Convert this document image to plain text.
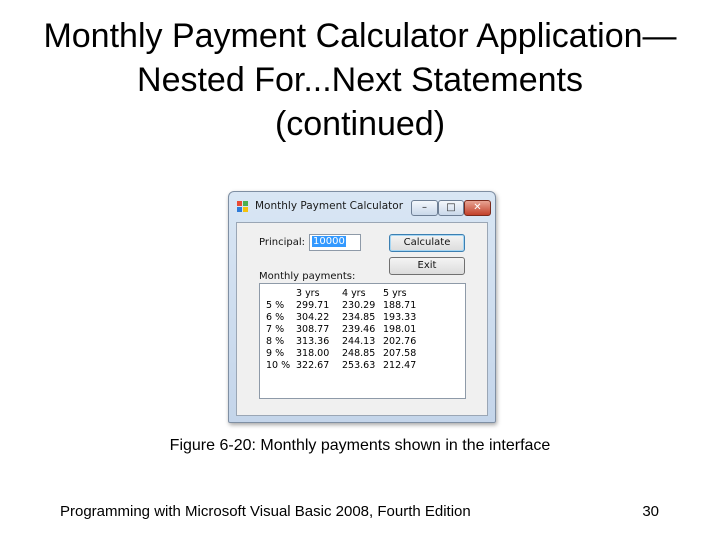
Monthly Payment Calculator Application—
Nested For...Next Statements
(continued)
Monthly Payment Calculator	–	□	✕
Principal: 10000	Calculate
Exit
Monthly payments:
3 yrs 4 yrs 5 yrs
5 % 299.71 230.29 188.71
6 % 304.22 234.85 193.33
7 % 308.77 239.46 198.01
8 % 313.36 244.13 202.76
9 % 318.00 248.85 207.58
10 % 322.67 253.63 212.47
Figure 6-20: Monthly payments shown in the interface
Programming with Microsoft Visual Basic 2008, Fourth Edition	30
